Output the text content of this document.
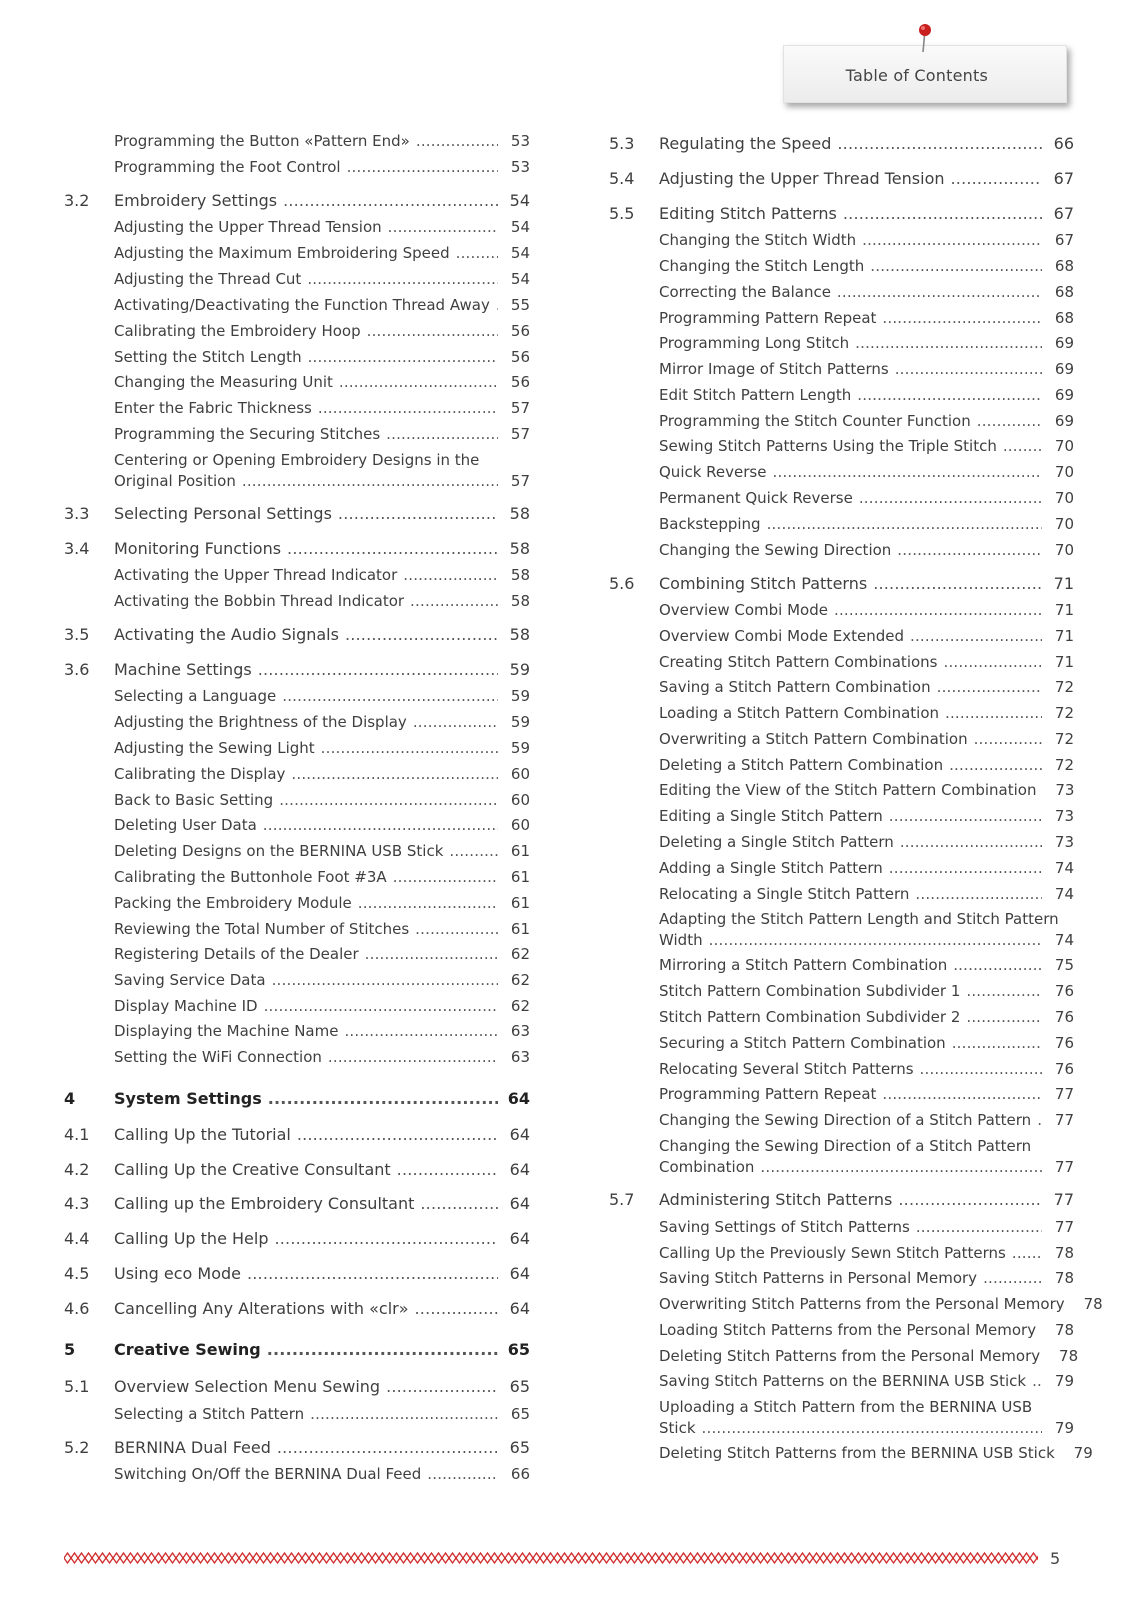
Table of Contents
Programming the Button «Pattern End» .....	53
Programming the Foot Control .....	53
3.2 Embroidery Settings .....	54
Adjusting the Upper Thread Tension .....	54
Adjusting the Maximum Embroidering Speed .....	54
Adjusting the Thread Cut .....	54
Activating/Deactivating the Function Thread Away .....	55
Calibrating the Embroidery Hoop .....	56
Setting the Stitch Length .....	56
Changing the Measuring Unit .....	56
Enter the Fabric Thickness .....	57
Programming the Securing Stitches .....	57
Centering or Opening Embroidery Designs in the
Original Position .....	57
3.3 Selecting Personal Settings .....	58
3.4 Monitoring Functions .....	58
Activating the Upper Thread Indicator .....	58
Activating the Bobbin Thread Indicator .....	58
3.5 Activating the Audio Signals .....	58
3.6 Machine Settings .....	59
Selecting a Language .....	59
Adjusting the Brightness of the Display .....	59
Adjusting the Sewing Light .....	59
Calibrating the Display .....	60
Back to Basic Setting .....	60
Deleting User Data .....	60
Deleting Designs on the BERNINA USB Stick .....	61
Calibrating the Buttonhole Foot #3A .....	61
Packing the Embroidery Module .....	61
Reviewing the Total Number of Stitches .....	61
Registering Details of the Dealer .....	62
Saving Service Data .....	62
Display Machine ID .....	62
Displaying the Machine Name .....	63
Setting the WiFi Connection .....	63
4 System Settings .....	64
4.1 Calling Up the Tutorial .....	64
4.2 Calling Up the Creative Consultant .....	64
4.3 Calling up the Embroidery Consultant .....	64
4.4 Calling Up the Help .....	64
4.5 Using eco Mode .....	64
4.6 Cancelling Any Alterations with «clr» .....	64
5 Creative Sewing .....	65
5.1 Overview Selection Menu Sewing .....	65
Selecting a Stitch Pattern .....	65
5.2 BERNINA Dual Feed .....	65
Switching On/Off the BERNINA Dual Feed .....	66
5.3 Regulating the Speed .....	66
5.4 Adjusting the Upper Thread Tension .....	67
5.5 Editing Stitch Patterns .....	67
Changing the Stitch Width .....	67
Changing the Stitch Length .....	68
Correcting the Balance .....	68
Programming Pattern Repeat .....	68
Programming Long Stitch .....	69
Mirror Image of Stitch Patterns .....	69
Edit Stitch Pattern Length .....	69
Programming the Stitch Counter Function .....	69
Sewing Stitch Patterns Using the Triple Stitch .....	70
Quick Reverse .....	70
Permanent Quick Reverse .....	70
Backstepping .....	70
Changing the Sewing Direction .....	70
5.6 Combining Stitch Patterns .....	71
Overview Combi Mode .....	71
Overview Combi Mode Extended .....	71
Creating Stitch Pattern Combinations .....	71
Saving a Stitch Pattern Combination .....	72
Loading a Stitch Pattern Combination .....	72
Overwriting a Stitch Pattern Combination .....	72
Deleting a Stitch Pattern Combination .....	72
Editing the View of the Stitch Pattern Combination	73
Editing a Single Stitch Pattern .....	73
Deleting a Single Stitch Pattern .....	73
Adding a Single Stitch Pattern .....	74
Relocating a Single Stitch Pattern .....	74
Adapting the Stitch Pattern Length and Stitch Pattern
Width .....	74
Mirroring a Stitch Pattern Combination .....	75
Stitch Pattern Combination Subdivider 1 .....	76
Stitch Pattern Combination Subdivider 2 .....	76
Securing a Stitch Pattern Combination .....	76
Relocating Several Stitch Patterns .....	76
Programming Pattern Repeat .....	77
Changing the Sewing Direction of a Stitch Pattern .....	77
Changing the Sewing Direction of a Stitch Pattern
Combination .....	77
5.7 Administering Stitch Patterns .....	77
Saving Settings of Stitch Patterns .....	77
Calling Up the Previously Sewn Stitch Patterns .....	78
Saving Stitch Patterns in Personal Memory .....	78
Overwriting Stitch Patterns from the Personal Memory	78
Loading Stitch Patterns from the Personal Memory	78
Deleting Stitch Patterns from the Personal Memory	78
Saving Stitch Patterns on the BERNINA USB Stick .....	79
Uploading a Stitch Pattern from the BERNINA USB
Stick .....	79
Deleting Stitch Patterns from the BERNINA USB Stick	79
5
